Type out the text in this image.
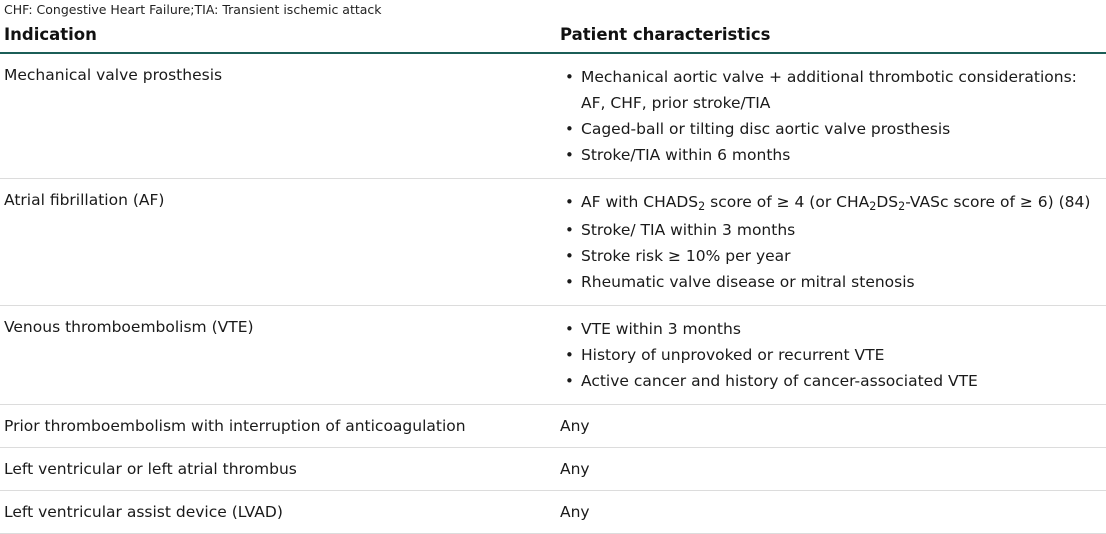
CHF: Congestive Heart Failure;TIA: Transient ischemic attack
Indication	Patient characteristics
Mechanical valve prosthesis	
•Mechanical aortic valve + additional thrombotic considerations: AF, CHF, prior stroke/TIA
• Caged-ball or tilting disc aortic valve prosthesis
• Stroke/TIA within 6 months

Atrial fibrillation (AF)	
•AF with $CHADS_2$ score of ≥ 4 (or $CHA_2DS_2$-VASc score of ≥ 6) (84)
• Stroke/ TIA within 3 months
• Stroke risk ≥ 10% per year
• Rheumatic valve disease or mitral stenosis

Venous thromboembolism (VTE)	
•VTE within 3 months
• History of unprovoked or recurrent VTE
• Active cancer and history of cancer-associated VTE

Prior thromboembolism with interruption of anticoagulation	Any
Left ventricular or left atrial thrombus	Any
Left ventricular assist device (LVAD)	Any
